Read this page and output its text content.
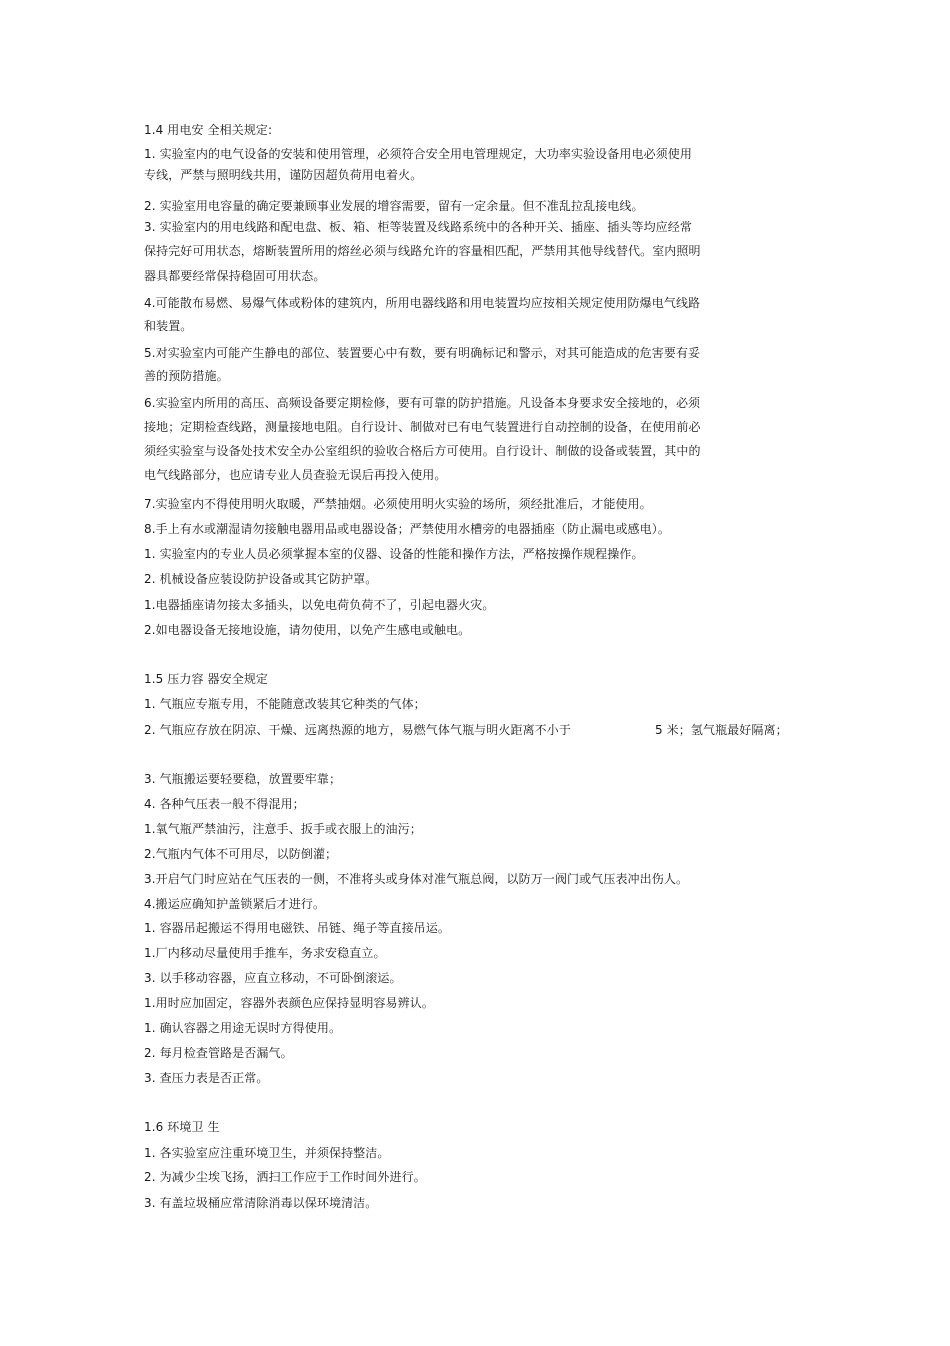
1.4 用电安 全相关规定:
1. 实验室内的电气设备的安装和使用管理，必须符合安全用电管理规定，大功率实验设备用电必须使用
专线，严禁与照明线共用，谨防因超负荷用电着火。
2. 实验室用电容量的确定要兼顾事业发展的增容需要，留有一定余量。但不准乱拉乱接电线。
3. 实验室内的用电线路和配电盘、板、箱、柜等装置及线路系统中的各种开关、插座、插头等均应经常
保持完好可用状态，熔断装置所用的熔丝必须与线路允许的容量相匹配，严禁用其他导线替代。室内照明
器具都要经常保持稳固可用状态。
4.可能散布易燃、易爆气体或粉体的建筑内，所用电器线路和用电装置均应按相关规定使用防爆电气线路
和装置。
5.对实验室内可能产生静电的部位、装置要心中有数，要有明确标记和警示，对其可能造成的危害要有妥
善的预防措施。
6.实验室内所用的高压、高频设备要定期检修，要有可靠的防护措施。凡设备本身要求安全接地的，必须
接地；定期检查线路，测量接地电阻。自行设计、制做对已有电气装置进行自动控制的设备，在使用前必
须经实验室与设备处技术安全办公室组织的验收合格后方可使用。自行设计、制做的设备或装置，其中的
电气线路部分，也应请专业人员查验无误后再投入使用。
7.实验室内不得使用明火取暖，严禁抽烟。必须使用明火实验的场所，须经批准后，才能使用。
8.手上有水或潮湿请勿接触电器用品或电器设备；严禁使用水槽旁的电器插座（防止漏电或感电）。
1. 实验室内的专业人员必须掌握本室的仪器、设备的性能和操作方法，严格按操作规程操作。
2. 机械设备应装设防护设备或其它防护罩。
1.电器插座请勿接太多插头，以免电荷负荷不了，引起电器火灾。
2.如电器设备无接地设施，请勿使用，以免产生感电或触电。
1.5 压力容 器安全规定
1. 气瓶应专瓶专用，不能随意改装其它种类的气体；
2. 气瓶应存放在阴凉、干燥、远离热源的地方，易燃气体气瓶与明火距离不小于	5 米；氢气瓶最好隔离；
3. 气瓶搬运要轻要稳，放置要牢靠；
4. 各种气压表一般不得混用；
1.氧气瓶严禁油污，注意手、扳手或衣服上的油污；
2.气瓶内气体不可用尽，以防倒灌；
3.开启气门时应站在气压表的一侧，不准将头或身体对准气瓶总阀，以防万一阀门或气压表冲出伤人。
4.搬运应确知护盖锁紧后才进行。
1. 容器吊起搬运不得用电磁铁、吊链、绳子等直接吊运。
1.厂内移动尽量使用手推车，务求安稳直立。
3. 以手移动容器，应直立移动，不可卧倒滚运。
1.用时应加固定，容器外表颜色应保持显明容易辨认。
1. 确认容器之用途无误时方得使用。
2. 每月检查管路是否漏气。
3. 查压力表是否正常。
1.6 环境卫 生
1. 各实验室应注重环境卫生，并须保持整洁。
2. 为减少尘埃飞扬，洒扫工作应于工作时间外进行。
3. 有盖垃圾桶应常清除消毒以保环境清洁。
